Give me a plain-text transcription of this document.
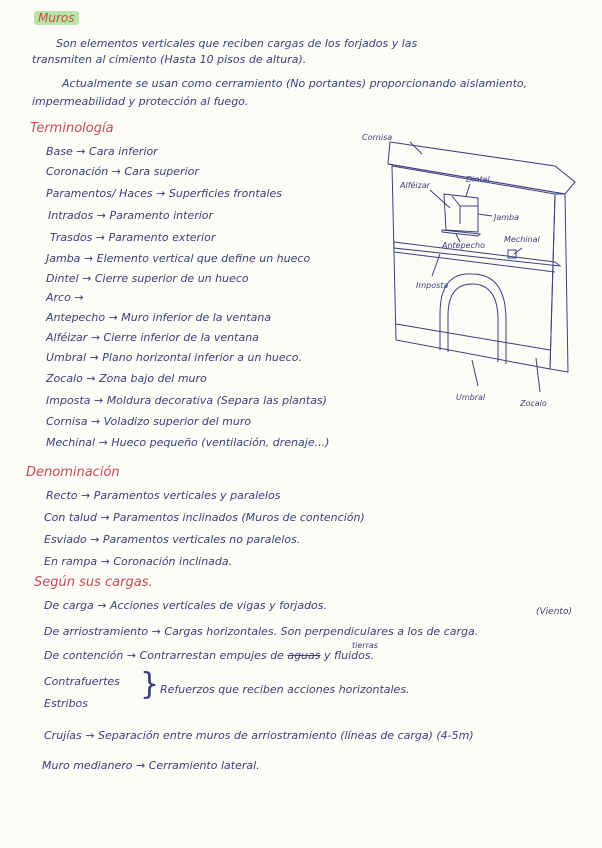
Muros
Son elementos verticales que reciben cargas de los forjados y las
transmiten al cimiento (Hasta 10 pisos de altura).
Actualmente se usan como cerramiento (No portantes) proporcionando aislamiento,
impermeabilidad y protección al fuego.
Terminología
Base → Cara inferior
Coronación → Cara superior
Paramentos/ Haces → Superficies frontales
Intrados → Paramento interior
Trasdos → Paramento exterior
Jamba → Elemento vertical que define un hueco
Dintel → Cierre superior de un hueco
Arco →
Antepecho → Muro inferior de la ventana
Alféizar → Cierre inferior de la ventana
Umbral → Plano horizontal inferior a un hueco.
Zocalo → Zona bajo del muro
Imposta → Moldura decorativa (Separa las plantas)
Cornisa → Voladizo superior del muro
Mechinal → Hueco pequeño (ventilación, drenaje...)
Cornisa
Alféizar
Dintel
Jamba
Antepecho
Mechinal
Imposta
Umbral
Zocalo
Denominación
Recto → Paramentos verticales y paralelos
Con talud → Paramentos inclinados (Muros de contención)
Esviado → Paramentos verticales no paralelos.
En rampa → Coronación inclinada.
Según sus cargas.
De carga → Acciones verticales de vigas y forjados.	(Viento)
De arriostramiento → Cargas horizontales. Son perpendiculares a los de carga.
tierras
De contención → Contrarrestan empujes de aguas y fluidos.
Contrafuertes
Estribos
} Refuerzos que reciben acciones horizontales.
Crujías → Separación entre muros de arriostramiento (líneas de carga) (4-5m)
Muro medianero → Cerramiento lateral.
